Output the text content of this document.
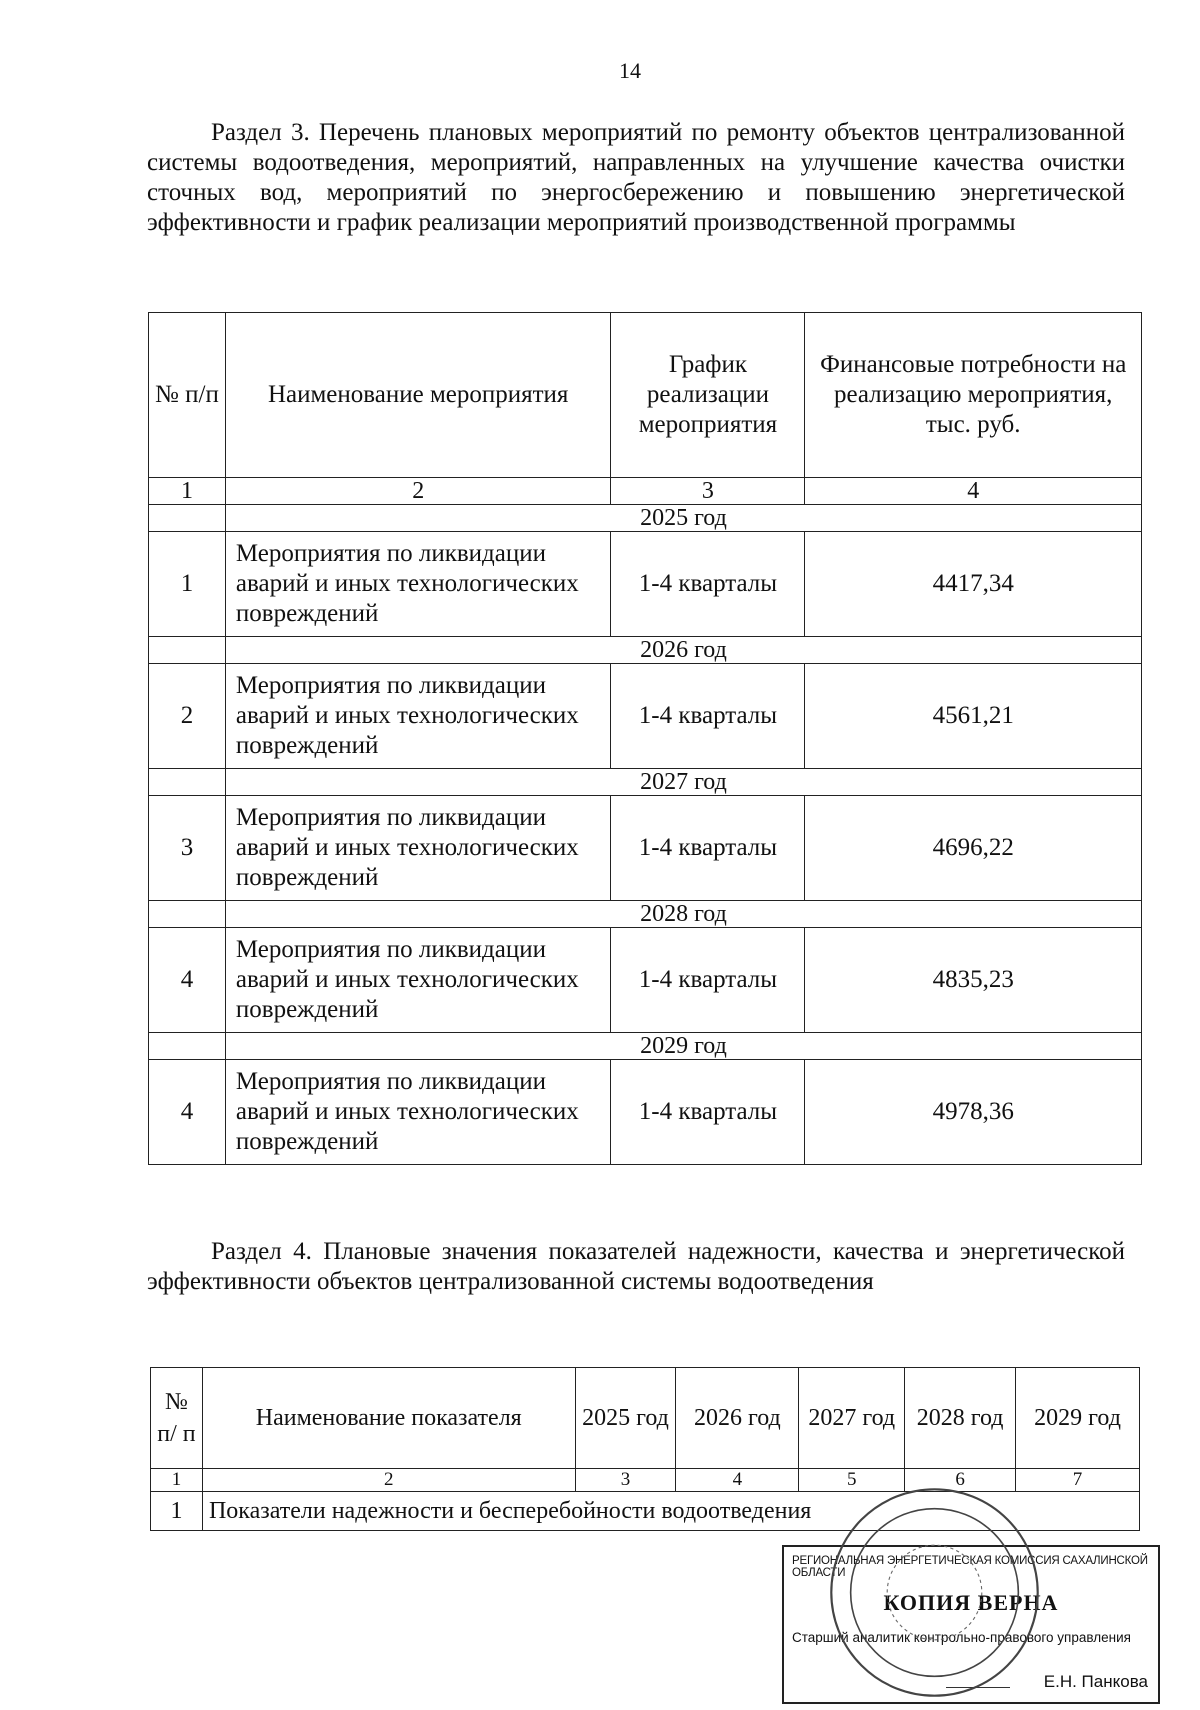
14
Раздел 3. Перечень плановых мероприятий по ремонту объектов централизованной системы водоотведения, мероприятий, направленных на улучшение качества очистки сточных вод, мероприятий по энергосбережению и повышению энергетической эффективности и график реализации мероприятий производственной программы
№ п/п	Наименование мероприятия	График реализации мероприятия	Финансовые потребности на реализацию мероприятия, тыс. руб.
1	2	3	4
	2025 год		
1	Мероприятия по ликвидации аварий и иных технологических повреждений	1-4 кварталы	4417,34
	2026 год		
2	Мероприятия по ликвидации аварий и иных технологических повреждений	1-4 кварталы	4561,21
	2027 год		
3	Мероприятия по ликвидации аварий и иных технологических повреждений	1-4 кварталы	4696,22
	2028 год		
4	Мероприятия по ликвидации аварий и иных технологических повреждений	1-4 кварталы	4835,23
	2029 год		
4	Мероприятия по ликвидации аварий и иных технологических повреждений	1-4 кварталы	4978,36
Раздел 4. Плановые значения показателей надежности, качества и энергетической эффективности объектов централизованной системы водоотведения
№ п/ п	Наименование показателя	2025 год	2026 год	2027 год	2028 год	2029 год
1	2	3	4	5	6	7
1	Показатели надежности и бесперебойности водоотведения					
РЕГИОНАЛЬНАЯ ЭНЕРГЕТИЧЕСКАЯ КОМИССИЯ САХАЛИНСКОЙ ОБЛАСТИ
КОПИЯ ВЕРНА
Старший аналитик контрольно-правового управления
Е.Н. Панкова
